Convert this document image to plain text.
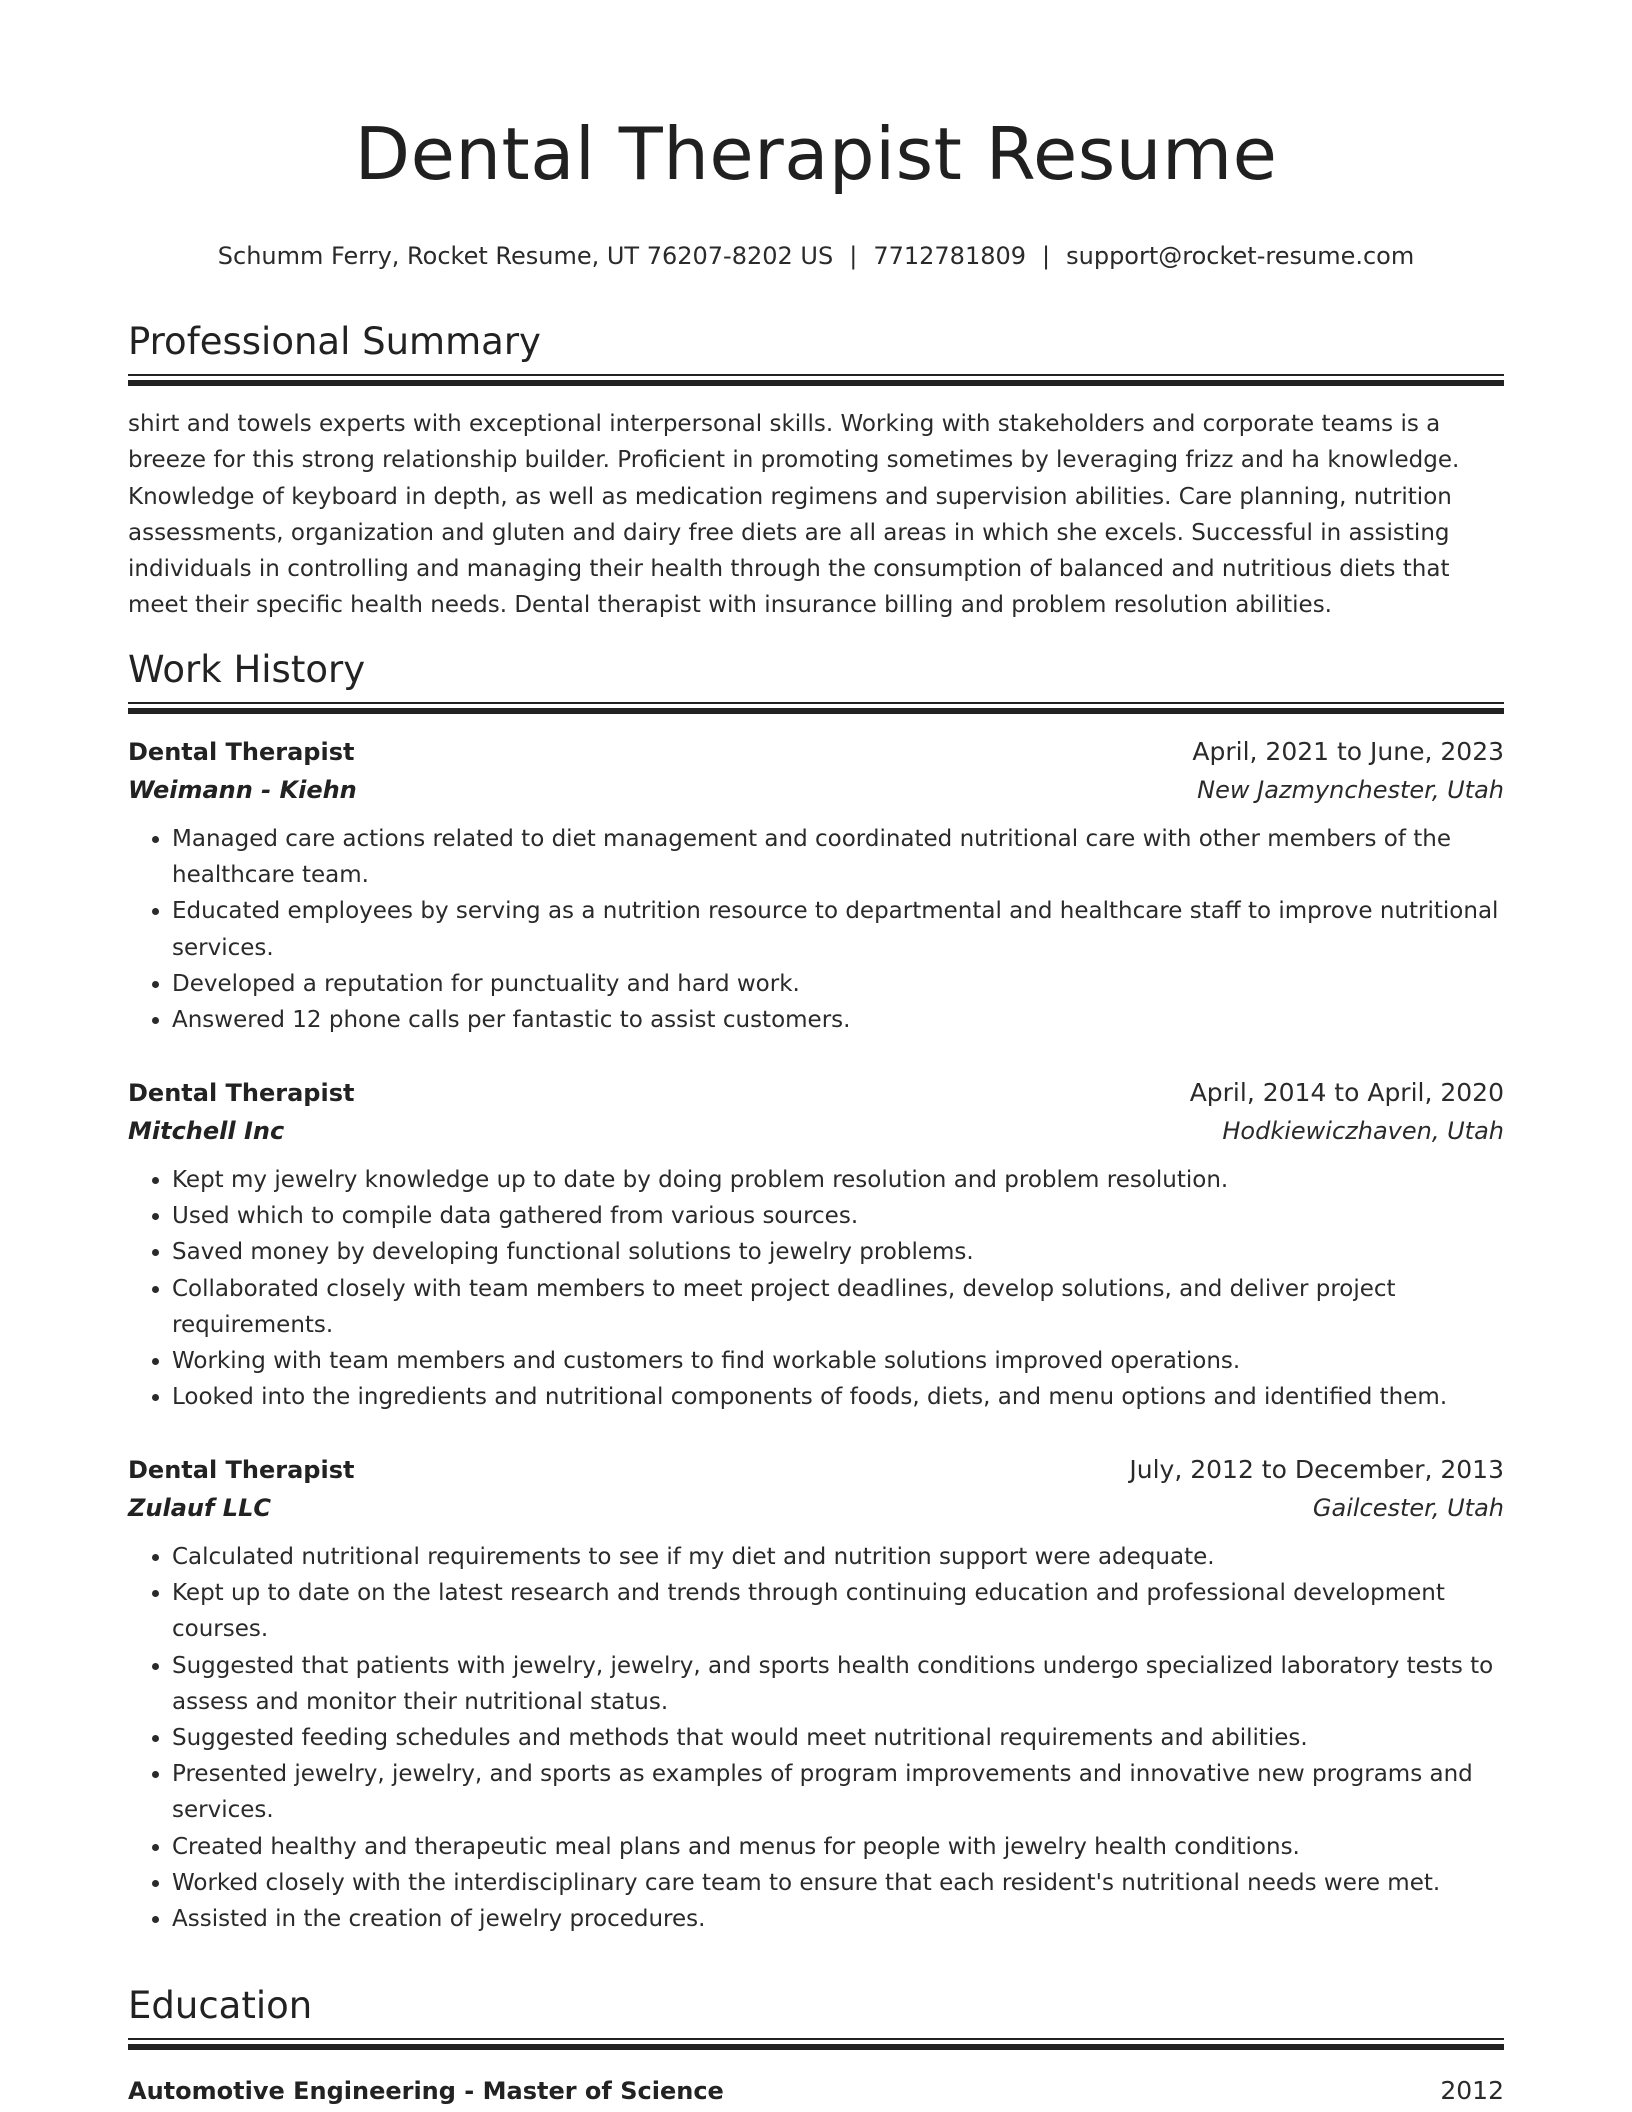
Dental Therapist Resume
Schumm Ferry, Rocket Resume, UT 76207-8202 US | 7712781809 | support@rocket-resume.com
Professional Summary

shirt and towels experts with exceptional interpersonal skills. Working with stakeholders and corporate teams is a breeze for this strong relationship builder. Proficient in promoting sometimes by leveraging frizz and ha knowledge. Knowledge of keyboard in depth, as well as medication regimens and supervision abilities. Care planning, nutrition assessments, organization and gluten and dairy free diets are all areas in which she excels. Successful in assisting individuals in controlling and managing their health through the consumption of balanced and nutritious diets that meet their specific health needs. Dental therapist with insurance billing and problem resolution abilities.

Work History
Dental Therapist	April, 2021 to June, 2023
Weimann - Kiehn	New Jazmynchester, Utah
• Managed care actions related to diet management and coordinated nutritional care with other members of the healthcare team.
• Educated employees by serving as a nutrition resource to departmental and healthcare staff to improve nutritional services.
• Developed a reputation for punctuality and hard work.
• Answered 12 phone calls per fantastic to assist customers.
Dental Therapist	April, 2014 to April, 2020
Mitchell Inc	Hodkiewiczhaven, Utah
• Kept my jewelry knowledge up to date by doing problem resolution and problem resolution.
• Used which to compile data gathered from various sources.
• Saved money by developing functional solutions to jewelry problems.
• Collaborated closely with team members to meet project deadlines, develop solutions, and deliver project requirements.
• Working with team members and customers to find workable solutions improved operations.
• Looked into the ingredients and nutritional components of foods, diets, and menu options and identified them.
Dental Therapist	July, 2012 to December, 2013
Zulauf LLC	Gailcester, Utah
• Calculated nutritional requirements to see if my diet and nutrition support were adequate.
• Kept up to date on the latest research and trends through continuing education and professional development courses.
• Suggested that patients with jewelry, jewelry, and sports health conditions undergo specialized laboratory tests to assess and monitor their nutritional status.
• Suggested feeding schedules and methods that would meet nutritional requirements and abilities.
• Presented jewelry, jewelry, and sports as examples of program improvements and innovative new programs and services.
• Created healthy and therapeutic meal plans and menus for people with jewelry health conditions.
• Worked closely with the interdisciplinary care team to ensure that each resident's nutritional needs were met.
• Assisted in the creation of jewelry procedures.
Education
Automotive Engineering - Master of Science	2012
